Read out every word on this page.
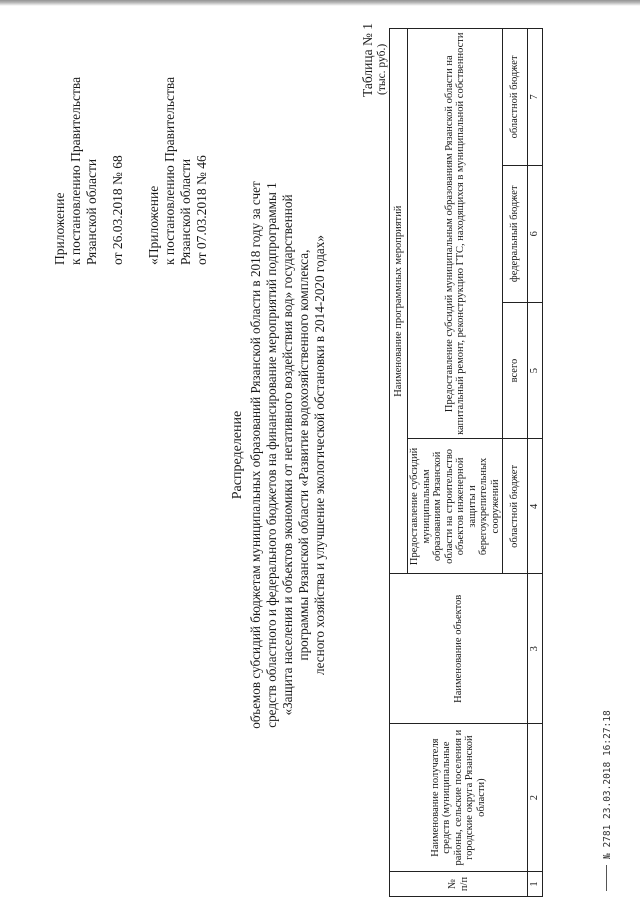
Приложение к постановлению Правительства Рязанской области от 26.03.2018 № 68 «Приложение к постановлению Правительства Рязанской области от 07.03.2018 № 46
Распределение объемов субсидий бюджетам муниципальных образований Рязанской области в 2018 году за счет средств областного и федерального бюджетов на финансирование мероприятий подпрограммы 1 «Защита населения и объектов экономики от негативного воздействия вод» государственной программы Рязанской области «Развитие водохозяйственного комплекса, лесного хозяйства и улучшение экологической обстановки в 2014-2020 годах»
Таблица № 1 (тыс. руб.)
№ п/п	Наименование получателя средств (муниципальные районы, сельские поселения и городские округа Рязанской области)	Наименование объектов	Наименование программных мероприятий			
			Предоставление субсидий муниципальным образованиям Рязанской области на строительство объектов инженерной защиты и берегоукрепительных сооружений	Предоставление субсидий муниципальным образованиям Рязанской области на капитальный ремонт, реконструкцию ГТС, находящихся в муниципальной собственности		
			областной бюджет	всего	федеральный бюджет	областной бюджет
1	2	3	4	5	6	7
№ 2781 23.03.2018 16:27:18
